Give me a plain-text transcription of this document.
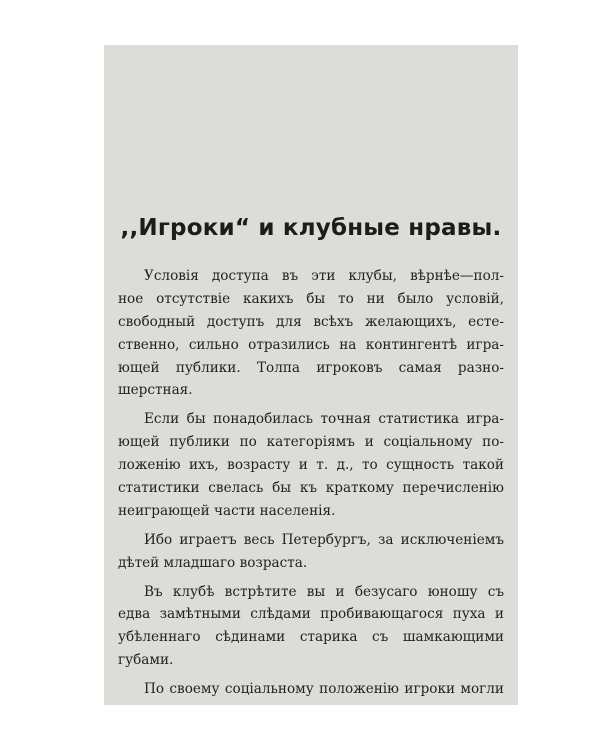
,,Игроки“ и клубные нравы.
Условія доступа въ эти клубы, вѣрнѣе—пол-
ное отсутствіе какихъ бы то ни было условій,
свободный доступъ для всѣхъ желающихъ, есте-
ственно, сильно отразились на контингентѣ игра-
ющей публики. Толпа игроковъ самая разно-
шерстная.
Если бы понадобилась точная статистика игра-
ющей публики по категоріямъ и соціальному по-
ложенію ихъ, возрасту и т. д., то сущность такой
статистики свелась бы къ краткому перечисленію
неиграющей части населенія.
Ибо играетъ весь Петербургъ, за исключеніемъ
дѣтей младшаго возраста.
Въ клубѣ встрѣтите вы и безусаго юношу съ
едва замѣтными слѣдами пробивающагося пуха и
убѣленнаго сѣдинами старика съ шамкающими
губами.
По своему соціальному положенію игроки могли
